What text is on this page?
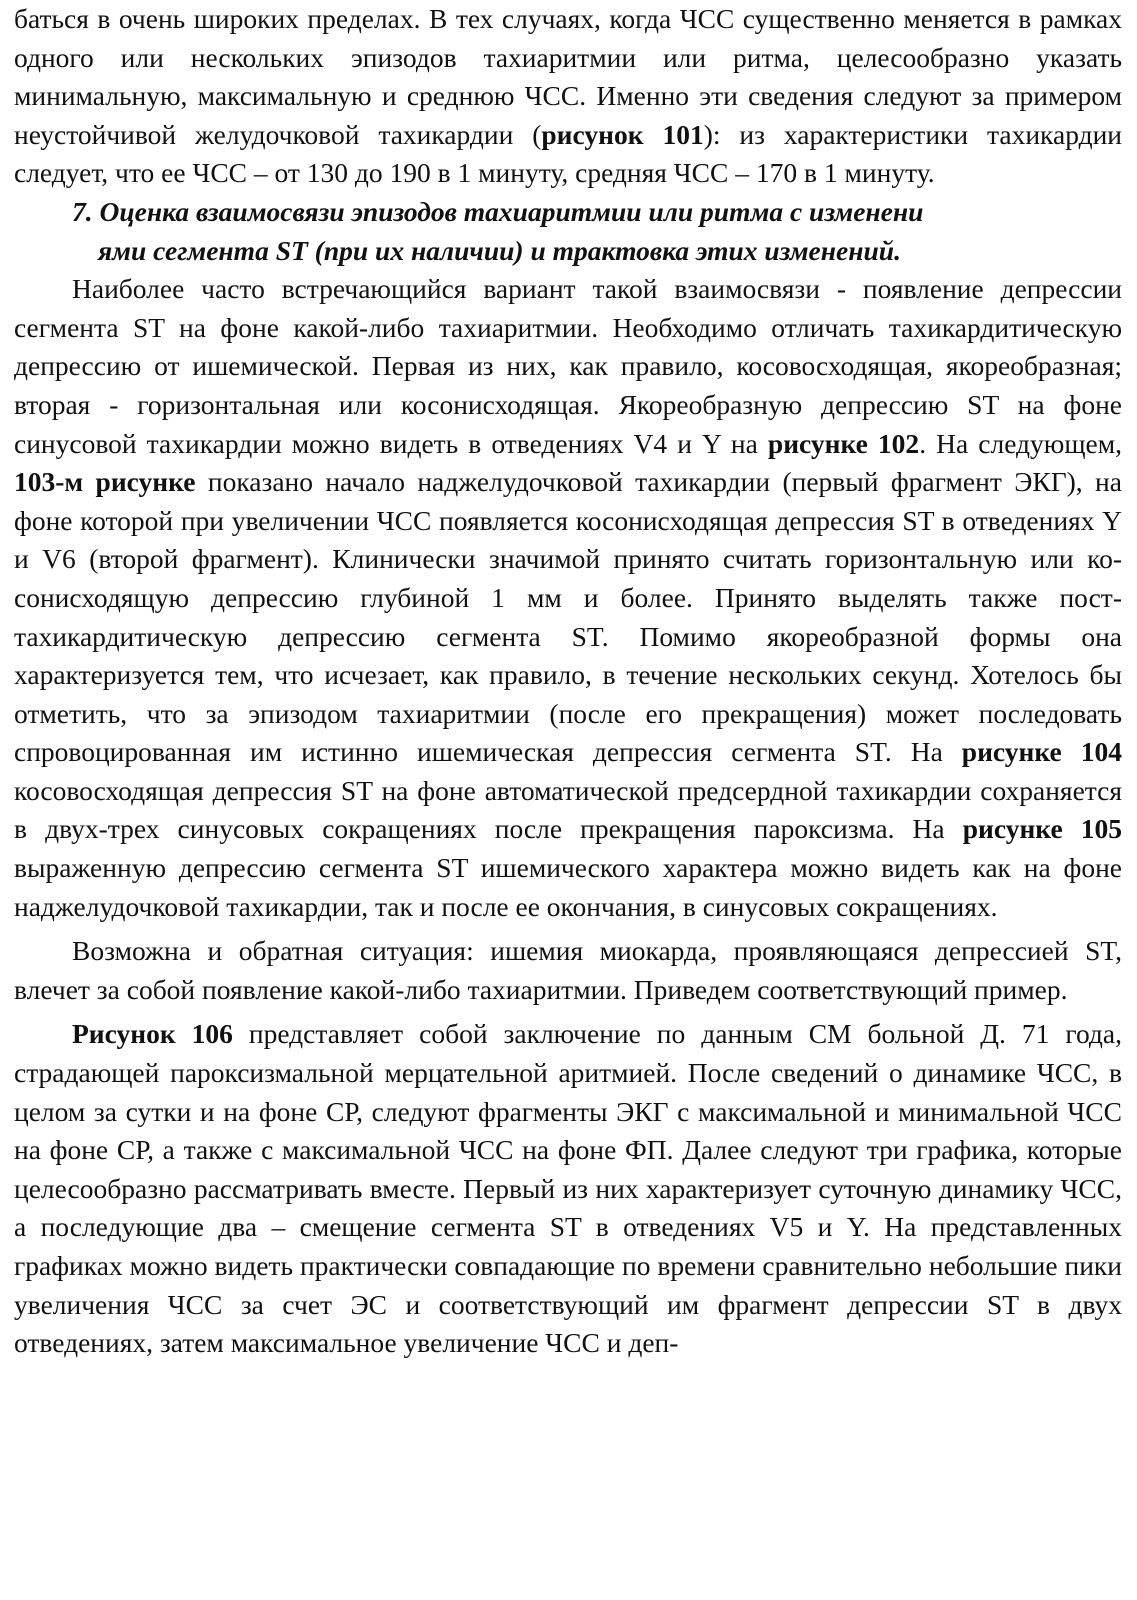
баться в очень широких пределах. В тех случаях, когда ЧСС существенно меняется в рамках одного или нескольких эпизодов тахиаритмии или ритма, целесообразно указать минимальную, максимальную и среднюю ЧСС. Именно эти сведения следуют за примером неустойчивой желудочковой тахикардии (рисунок 101): из характеристики тахикардии следует, что ее ЧСС – от 130 до 190 в 1 минуту, средняя ЧСС – 170 в 1 минуту.

7. Оценка взаимосвязи эпизодов тахиаритмии или ритма с изменени
ями сегмента ST (при их наличии) и трактовка этих изменений.

Наиболее часто встречающийся вариант такой взаимосвязи - появление депрессии сегмента ST на фоне какой-либо тахиаритмии. Необходимо отличать тахикардитическую депрессию от ишемической. Первая из них, как правило, косовосходящая, якореобразная; вторая - горизонтальная или косонисходящая. Якореобразную депрессию ST на фоне синусовой тахикардии можно видеть в отведениях V4 и Y на рисунке 102. На следующем, 103-м рисунке показано начало наджелудочковой тахикардии (первый фрагмент ЭКГ), на фоне которой при увеличении ЧСС появляется косонисходящая депрессия ST в отведениях Y и V6 (второй фрагмент). Клинически значимой принято считать горизонтальную или косонисходящую депрессию глубиной 1 мм и более. Принято выделять также посттахикардитическую депрессию сегмента ST. Помимо якореобразной формы она характеризуется тем, что исчезает, как правило, в течение нескольких секунд. Хотелось бы отметить, что за эпизодом тахиаритмии (после его прекращения) может последовать спровоцированная им истинно ишемическая депрессия сегмента ST. На рисунке 104 косовосходящая депрессия ST на фоне автоматической предсердной тахикардии сохраняется в двух-трех синусовых сокращениях после прекращения пароксизма. На рисунке 105 выраженную депрессию сегмента ST ишемического характера можно видеть как на фоне наджелудочковой тахикардии, так и после ее окончания, в синусовых сокращениях.

Возможна и обратная ситуация: ишемия миокарда, проявляющаяся депрессией ST, влечет за собой появление какой-либо тахиаритмии. Приведем соответствующий пример.

Рисунок 106 представляет собой заключение по данным СМ больной Д. 71 года, страдающей пароксизмальной мерцательной аритмией. После сведений о динамике ЧСС, в целом за сутки и на фоне СР, следуют фрагменты ЭКГ с максимальной и минимальной ЧСС на фоне СР, а также с максимальной ЧСС на фоне ФП. Далее следуют три графика, которые целесообразно рассматривать вместе. Первый из них характеризует суточную динамику ЧСС, а последующие два – смещение сегмента ST в отведениях V5 и Y. На представленных графиках можно видеть практически совпадающие по времени сравнительно небольшие пики увеличения ЧСС за счет ЭС и соответствующий им фрагмент депрессии ST в двух отведениях, затем максимальное увеличение ЧСС и деп-
